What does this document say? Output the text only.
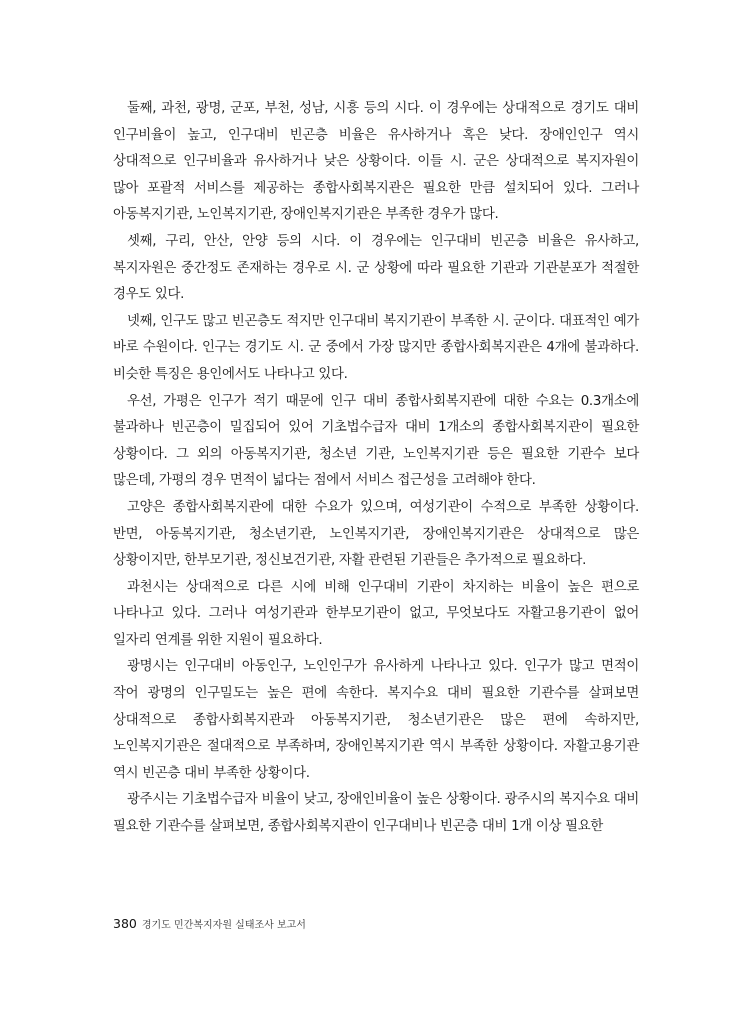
둘째, 과천, 광명, 군포, 부천, 성남, 시흥 등의 시다. 이 경우에는 상대적으로 경기도 대비 인구비율이 높고, 인구대비 빈곤층 비율은 유사하거나 혹은 낮다. 장애인인구 역시 상대적으로 인구비율과 유사하거나 낮은 상황이다. 이들 시. 군은 상대적으로 복지자원이 많아 포괄적 서비스를 제공하는 종합사회복지관은 필요한 만큼 설치되어 있다. 그러나 아동복지기관, 노인복지기관, 장애인복지기관은 부족한 경우가 많다.

셋째, 구리, 안산, 안양 등의 시다. 이 경우에는 인구대비 빈곤층 비율은 유사하고, 복지자원은 중간정도 존재하는 경우로 시. 군 상황에 따라 필요한 기관과 기관분포가 적절한 경우도 있다.

넷째, 인구도 많고 빈곤층도 적지만 인구대비 복지기관이 부족한 시. 군이다. 대표적인 예가 바로 수원이다. 인구는 경기도 시. 군 중에서 가장 많지만 종합사회복지관은 4개에 불과하다. 비슷한 특징은 용인에서도 나타나고 있다.

우선, 가평은 인구가 적기 때문에 인구 대비 종합사회복지관에 대한 수요는 0.3개소에 불과하나 빈곤층이 밀집되어 있어 기초법수급자 대비 1개소의 종합사회복지관이 필요한 상황이다. 그 외의 아동복지기관, 청소년 기관, 노인복지기관 등은 필요한 기관수 보다 많은데, 가평의 경우 면적이 넓다는 점에서 서비스 접근성을 고려해야 한다.

고양은 종합사회복지관에 대한 수요가 있으며, 여성기관이 수적으로 부족한 상황이다. 반면, 아동복지기관, 청소년기관, 노인복지기관, 장애인복지기관은 상대적으로 많은 상황이지만, 한부모기관, 정신보건기관, 자활 관련된 기관들은 추가적으로 필요하다.

과천시는 상대적으로 다른 시에 비해 인구대비 기관이 차지하는 비율이 높은 편으로 나타나고 있다. 그러나 여성기관과 한부모기관이 없고, 무엇보다도 자활고용기관이 없어 일자리 연계를 위한 지원이 필요하다.

광명시는 인구대비 아동인구, 노인인구가 유사하게 나타나고 있다. 인구가 많고 면적이 작어 광명의 인구밀도는 높은 편에 속한다. 복지수요 대비 필요한 기관수를 살펴보면 상대적으로 종합사회복지관과 아동복지기관, 청소년기관은 많은 편에 속하지만, 노인복지기관은 절대적으로 부족하며, 장애인복지기관 역시 부족한 상황이다. 자활고용기관 역시 빈곤층 대비 부족한 상황이다.

광주시는 기초법수급자 비율이 낮고, 장애인비율이 높은 상황이다. 광주시의 복지수요 대비 필요한 기관수를 살펴보면, 종합사회복지관이 인구대비나 빈곤층 대비 1개 이상 필요한

380 경기도 민간복지자원 실태조사 보고서
